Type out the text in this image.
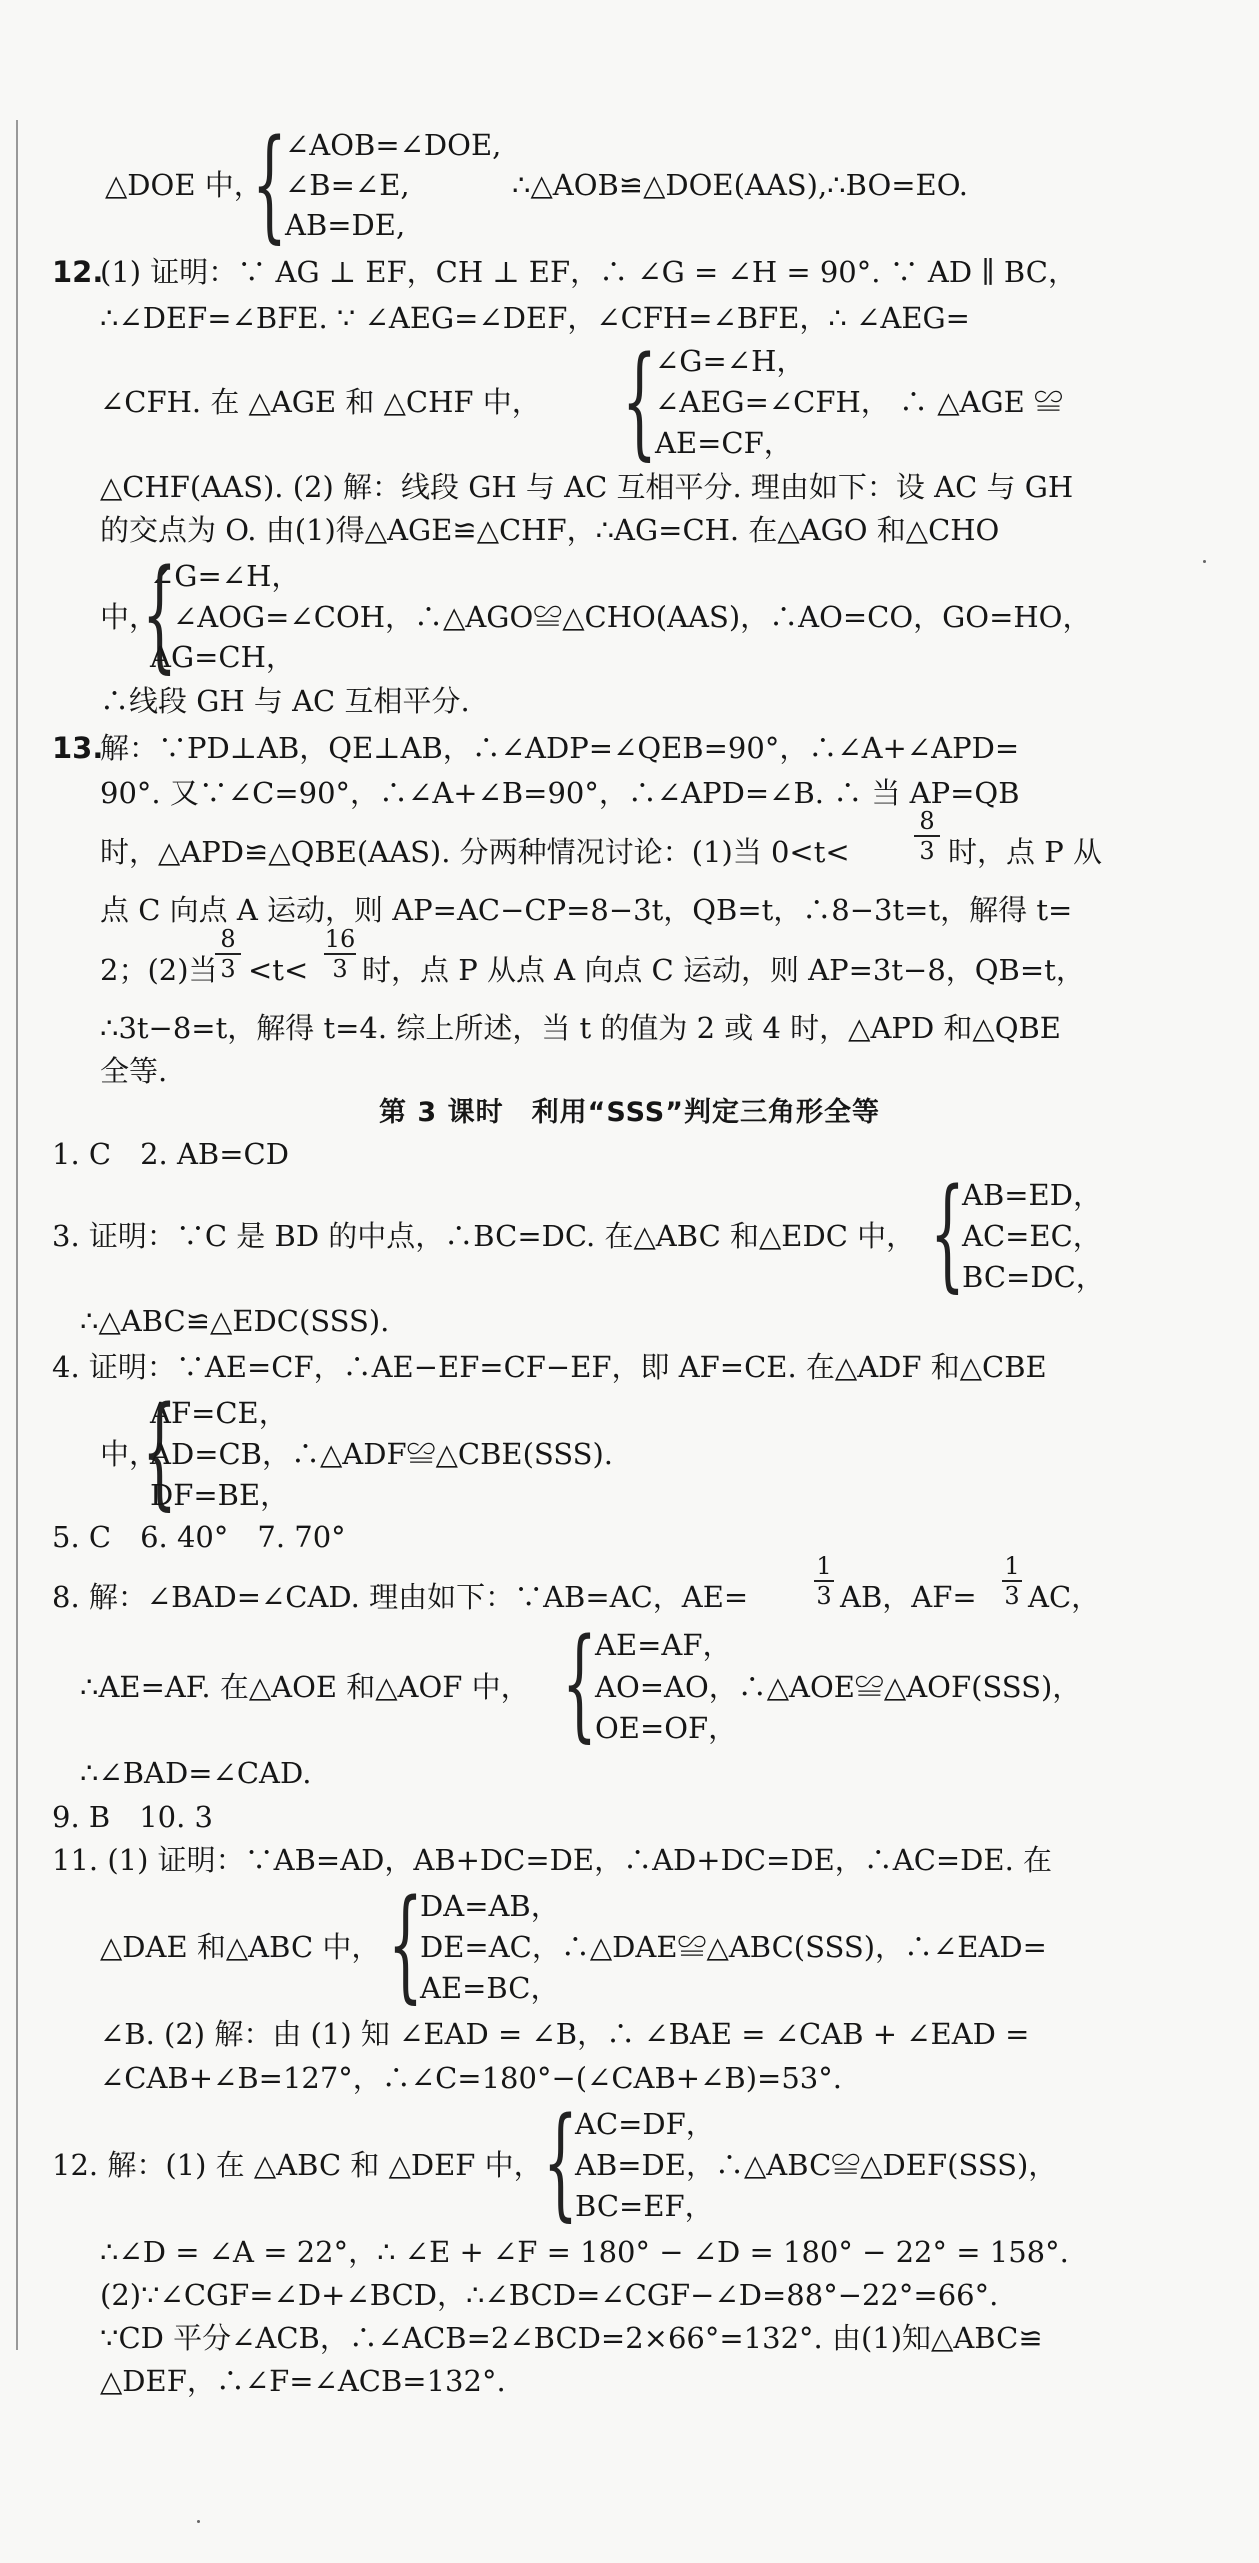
∠AOB=∠DOE,
△DOE 中，
{
∠B=∠E,	∴△AOB≌△DOE(AAS),∴BO=EO.
AB=DE,
12.
(1) 证明：∵ AG ⊥ EF，CH ⊥ EF，∴ ∠G = ∠H = 90°. ∵ AD ∥ BC，
∴∠DEF=∠BFE. ∵ ∠AEG=∠DEF，∠CFH=∠BFE，∴ ∠AEG=
∠G=∠H，
∠CFH. 在 △AGE 和 △CHF 中， {
∠AEG=∠CFH， ∴ △AGE ≌
AE=CF，
△CHF(AAS). (2) 解：线段 GH 与 AC 互相平分. 理由如下：设 AC 与 GH
的交点为 O. 由(1)得△AGE≌△CHF，∴AG=CH. 在△AGO 和△CHO
∠G=∠H，
中，
{
∠AOG=∠COH，∴△AGO≌△CHO(AAS)，∴AO=CO，GO=HO，
AG=CH，
∴线段 GH 与 AC 互相平分.
13.
解：∵PD⊥AB，QE⊥AB，∴∠ADP=∠QEB=90°，∴∠A+∠APD=
90°. 又∵∠C=90°，∴∠A+∠B=90°，∴∠APD=∠B. ∴ 当 AP=QB
时，△APD≌△QBE(AAS). 分两种情况讨论：(1)当 0<t<
8
3 时，点 P 从
点 C 向点 A 运动，则 AP=AC−CP=8−3t，QB=t，∴8−3t=t，解得 t=
2；(2)当
8
3 <t<
16
3 时，点 P 从点 A 向点 C 运动，则 AP=3t−8，QB=t，
∴3t−8=t，解得 t=4. 综上所述，当 t 的值为 2 或 4 时，△APD 和△QBE
全等.
第 3 课时　利用“SSS”判定三角形全等
1. C　2. AB=CD
AB=ED，
3. 证明：∵C 是 BD 的中点，∴BC=DC. 在△ABC 和△EDC 中， {
AC=EC，
BC=DC，
∴△ABC≌△EDC(SSS).
4. 证明：∵AE=CF，∴AE−EF=CF−EF，即 AF=CE. 在△ADF 和△CBE
AF=CE，
中，
{
AD=CB，∴△ADF≌△CBE(SSS).
DF=BE，
5. C　6. 40°　7. 70°
8. 解：∠BAD=∠CAD. 理由如下：∵AB=AC，AE=
1
3 AB，AF=
1
3 AC，
AE=AF，
∴AE=AF. 在△AOE 和△AOF 中， {
AO=AO，∴△AOE≌△AOF(SSS)，
OE=OF，
∴∠BAD=∠CAD.
9. B　10. 3
11. (1) 证明：∵AB=AD，AB+DC=DE，∴AD+DC=DE，∴AC=DE. 在
DA=AB，
△DAE 和△ABC 中， {
DE=AC，∴△DAE≌△ABC(SSS)，∴∠EAD=
AE=BC，
∠B. (2) 解：由 (1) 知 ∠EAD = ∠B，∴ ∠BAE = ∠CAB + ∠EAD =
∠CAB+∠B=127°，∴∠C=180°−(∠CAB+∠B)=53°.
AC=DF，
12. 解：(1) 在 △ABC 和 △DEF 中， {
AB=DE，∴△ABC≌△DEF(SSS)，
BC=EF，
∴∠D = ∠A = 22°，∴ ∠E + ∠F = 180° − ∠D = 180° − 22° = 158°.
(2)∵∠CGF=∠D+∠BCD，∴∠BCD=∠CGF−∠D=88°−22°=66°.
∵CD 平分∠ACB，∴∠ACB=2∠BCD=2×66°=132°. 由(1)知△ABC≌
△DEF，∴∠F=∠ACB=132°.
